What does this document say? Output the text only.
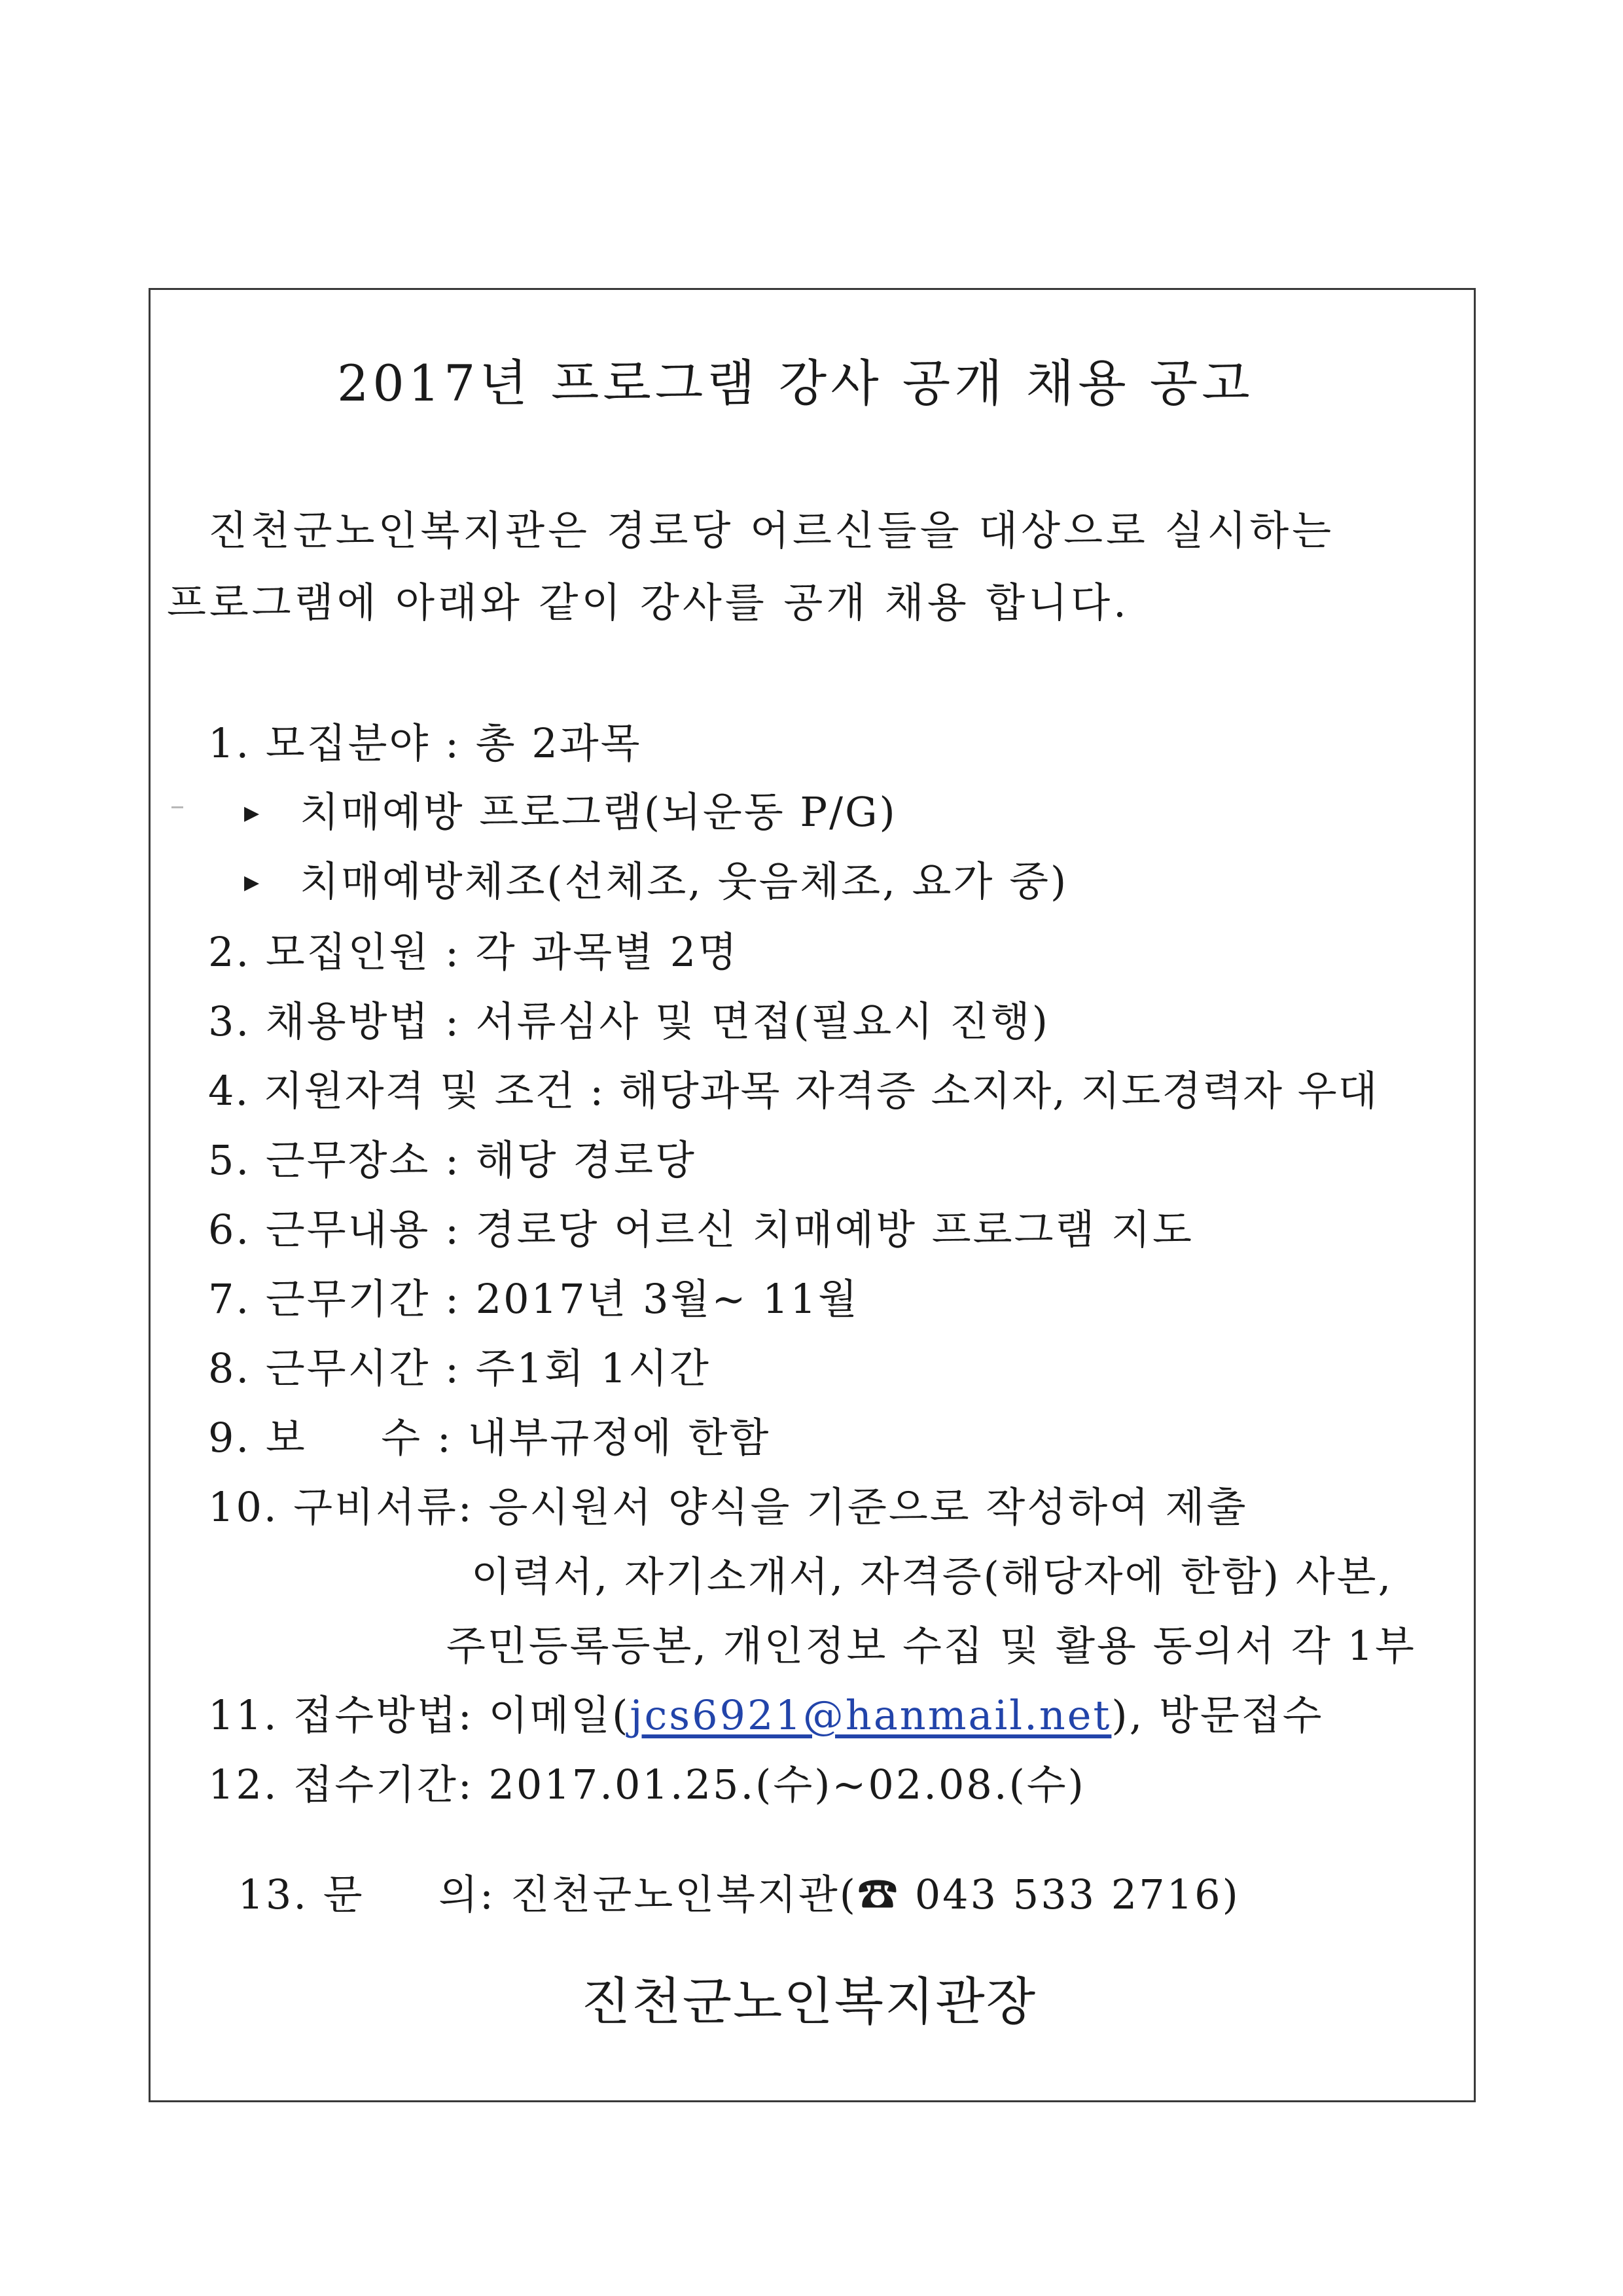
2017년 프로그램 강사 공개 채용 공고
진천군노인복지관은 경로당 어르신들을 대상으로 실시하는
프로그램에 아래와 같이 강사를 공개 채용 합니다.
1. 모집분야 : 총 2과목
▶ 치매예방 프로그램(뇌운동 P/G)
▶ 치매예방체조(선체조, 웃음체조, 요가 중)
2. 모집인원 : 각 과목별 2명
3. 채용방법 : 서류심사 및 면접(필요시 진행)
4. 지원자격 및 조건 : 해당과목 자격증 소지자, 지도경력자 우대
5. 근무장소 : 해당 경로당
6. 근무내용 : 경로당 어르신 치매예방 프로그램 지도
7. 근무기간 : 2017년 3월~ 11월
8. 근무시간 : 주1회 1시간
9. 보     수 : 내부규정에 한함
10. 구비서류: 응시원서 양식을 기준으로 작성하여 제출
이력서, 자기소개서, 자격증(해당자에 한함) 사본,
주민등록등본, 개인정보 수집 및 활용 동의서 각 1부
11. 접수방법: 이메일(jcs6921@hanmail.net), 방문접수
12. 접수기간: 2017.01.25.(수)~02.08.(수)

13. 문     의: 진천군노인복지관(☎ 043 533 2716)

진천군노인복지관장
